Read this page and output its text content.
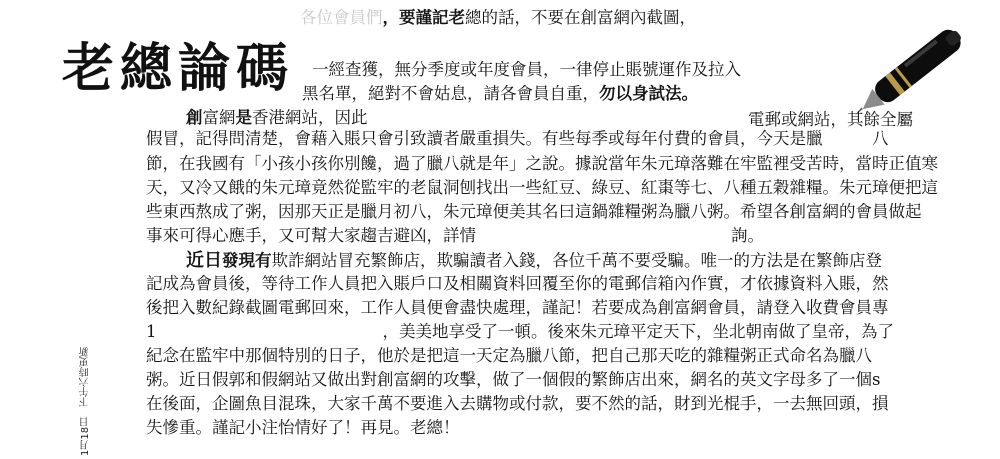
老總論碼
各位會員們，要謹記老總的話，不要在創富網內截圖，
一經查獲，無分季度或年度會員，一律停止賬號運作及拉入
黑名單，絕對不會姑息，請各會員自重，勿以身試法。
創富網是香港網站，因此	電郵或網站，其餘全屬
假冒，記得問清楚，會藉入賬只會引致讀者嚴重損失。有些每季或每年付費的會員，今天是臘　　　八
節，在我國有「小孩小孩你別饞，過了臘八就是年」之說。據說當年朱元璋落難在牢監裡受苦時，當時正值寒
天，又冷又餓的朱元璋竟然從監牢的老鼠洞刨找出一些紅豆、綠豆、紅棗等七、八種五穀雜糧。朱元璋便把這
些東西熬成了粥，因那天正是臘月初八，朱元璋便美其名曰這鍋雜糧粥為臘八粥。希望各創富網的會員做起
事來可得心應手，又可幫大家趨吉避凶，詳情	詢。
近日發現有欺詐網站冒充繁飾店，欺騙讀者入錢，各位千萬不要受騙。唯一的方法是在繁飾店登
記成為會員後，等待工作人員把入賬戶口及相關資料回覆至你的電郵信箱內作實，才依據資料入賬，然
後把入數紀錄截圖電郵回來，工作人員便會盡快處理，謹記！若要成為創富網會員，請登入收費會員專
1	，美美地享受了一頓。後來朱元璋平定天下，坐北朝南做了皇帝，為了
紀念在監牢中那個特別的日子，他於是把這一天定為臘八節，把自己那天吃的雜糧粥正式命名為臘八
粥。近日假郭和假網站又做出對創富網的攻擊，做了一個假的繁飾店出來，網名的英文字母多了一個s
在後面，企圖魚目混珠，大家千萬不要進入去購物或付款，要不然的話，財到光棍手，一去無回頭，損
失慘重。謹記小注怡情好了！再見。老總！
1月18日　下午六時更新
